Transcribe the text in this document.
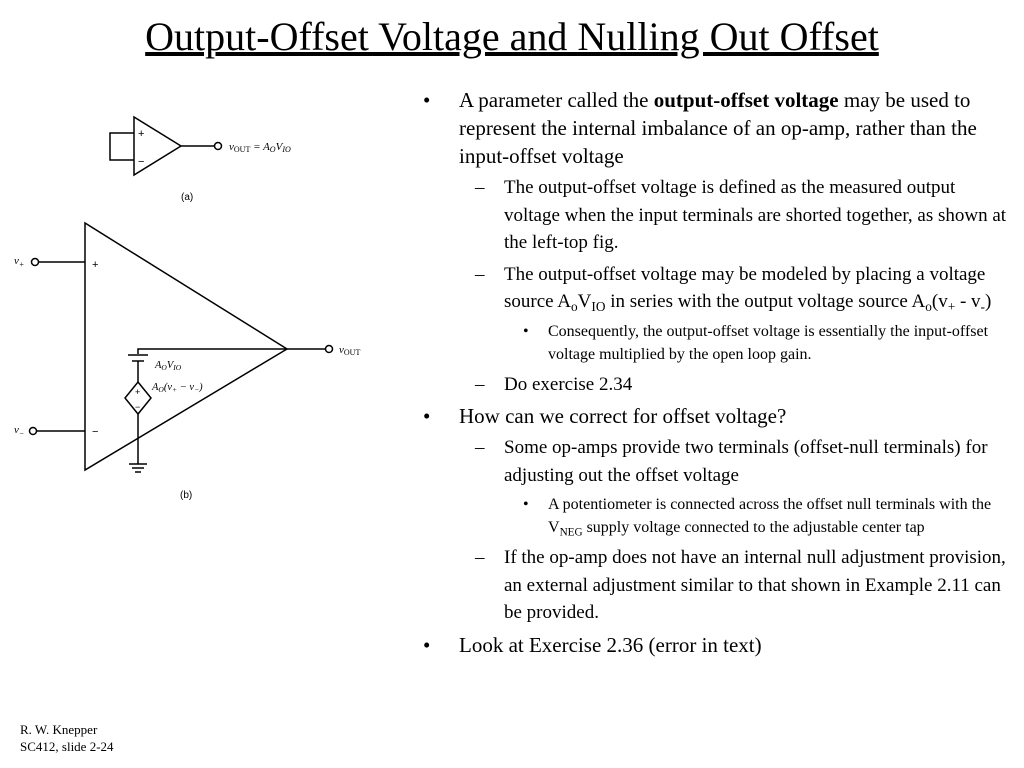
Output-Offset Voltage and Nulling Out Offset
+
−
vOUT = AOVIO
(a)
$v_+$
$v_-$
+
−
AOVIO
AO(v+ − v−)
+
−
vOUT
(b)
• A parameter called the output-offset voltage may be used to represent the internal imbalance of an op-amp, rather than the input-offset voltage
– The output-offset voltage is defined as the measured output voltage when the input terminals are shorted together, as shown at the left-top fig.
– The output-offset voltage may be modeled by placing a voltage source $A_oV_{IO}$ in series with the output voltage source $A_o(v_+ - v_-)$
• Consequently, the output-offset voltage is essentially the input-offset voltage multiplied by the open loop gain.
– Do exercise 2.34
• How can we correct for offset voltage?
– Some op-amps provide two terminals (offset-null terminals) for adjusting out the offset voltage
• A potentiometer is connected across the offset null terminals with the $V_{NEG}$ supply voltage connected to the adjustable center tap
– If the op-amp does not have an internal null adjustment provision, an external adjustment similar to that shown in Example 2.11 can be provided.
• Look at Exercise 2.36 (error in text)
R. W. Knepper
SC412, slide 2-24
